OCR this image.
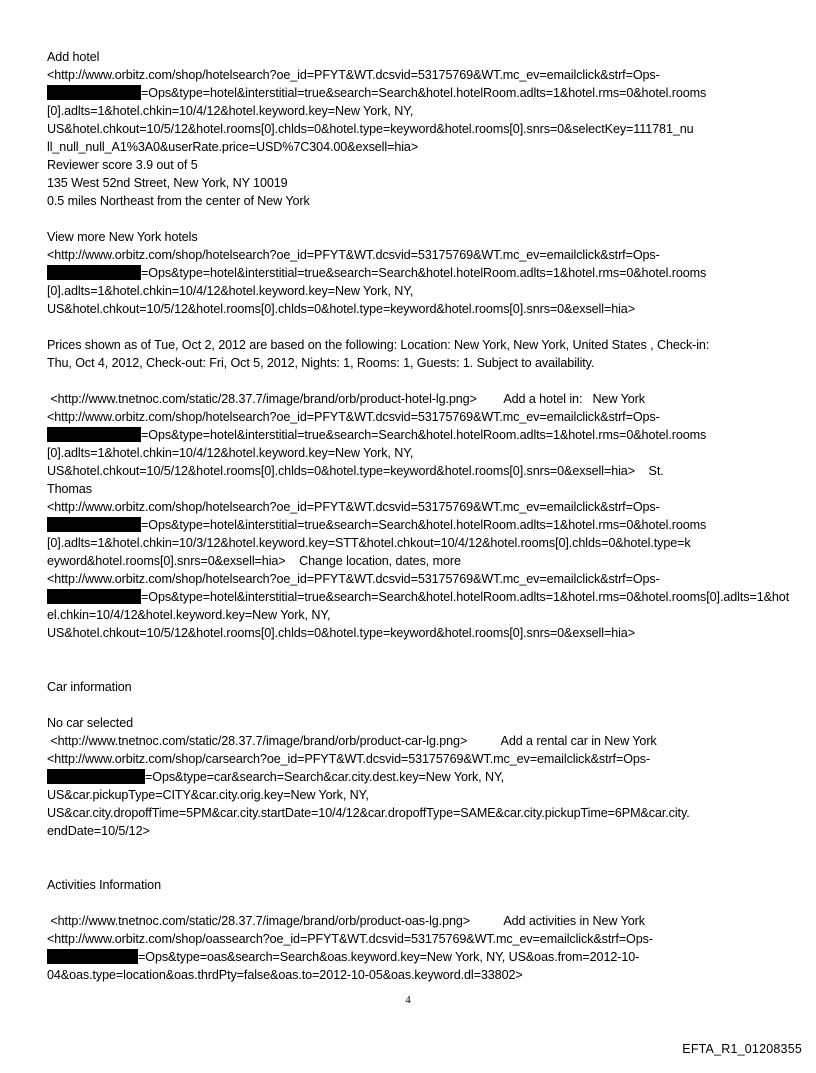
Add hotel
<http://www.orbitz.com/shop/hotelsearch?oe_id=PFYT&WT.dcsvid=53175769&WT.mc_ev=emailclick&strf=Ops-
=Ops&type=hotel&interstitial=true&search=Search&hotel.hotelRoom.adlts=1&hotel.rms=0&hotel.rooms
[0].adlts=1&hotel.chkin=10/4/12&hotel.keyword.key=New York, NY,
US&hotel.chkout=10/5/12&hotel.rooms[0].chlds=0&hotel.type=keyword&hotel.rooms[0].snrs=0&selectKey=111781_nu
ll_null_null_A1%3A0&userRate.price=USD%7C304.00&exsell=hia>
Reviewer score 3.9 out of 5
135 West 52nd Street, New York, NY 10019
0.5 miles Northeast from the center of New York
View more New York hotels
<http://www.orbitz.com/shop/hotelsearch?oe_id=PFYT&WT.dcsvid=53175769&WT.mc_ev=emailclick&strf=Ops-
=Ops&type=hotel&interstitial=true&search=Search&hotel.hotelRoom.adlts=1&hotel.rms=0&hotel.rooms
[0].adlts=1&hotel.chkin=10/4/12&hotel.keyword.key=New York, NY,
US&hotel.chkout=10/5/12&hotel.rooms[0].chlds=0&hotel.type=keyword&hotel.rooms[0].snrs=0&exsell=hia>
Prices shown as of Tue, Oct 2, 2012 are based on the following: Location: New York, New York, United States , Check-in:
Thu, Oct 4, 2012, Check-out: Fri, Oct 5, 2012, Nights: 1, Rooms: 1, Guests: 1. Subject to availability.
<http://www.tnetnoc.com/static/28.37.7/image/brand/orb/product-hotel-lg.png>        Add a hotel in:   New York
<http://www.orbitz.com/shop/hotelsearch?oe_id=PFYT&WT.dcsvid=53175769&WT.mc_ev=emailclick&strf=Ops-
=Ops&type=hotel&interstitial=true&search=Search&hotel.hotelRoom.adlts=1&hotel.rms=0&hotel.rooms
[0].adlts=1&hotel.chkin=10/4/12&hotel.keyword.key=New York, NY,
US&hotel.chkout=10/5/12&hotel.rooms[0].chlds=0&hotel.type=keyword&hotel.rooms[0].snrs=0&exsell=hia>    St.
Thomas
<http://www.orbitz.com/shop/hotelsearch?oe_id=PFYT&WT.dcsvid=53175769&WT.mc_ev=emailclick&strf=Ops-
=Ops&type=hotel&interstitial=true&search=Search&hotel.hotelRoom.adlts=1&hotel.rms=0&hotel.rooms
[0].adlts=1&hotel.chkin=10/3/12&hotel.keyword.key=STT&hotel.chkout=10/4/12&hotel.rooms[0].chlds=0&hotel.type=k
eyword&hotel.rooms[0].snrs=0&exsell=hia>    Change location, dates, more
<http://www.orbitz.com/shop/hotelsearch?oe_id=PFYT&WT.dcsvid=53175769&WT.mc_ev=emailclick&strf=Ops-
=Ops&type=hotel&interstitial=true&search=Search&hotel.hotelRoom.adlts=1&hotel.rms=0&hotel.rooms[0].adlts=1&hot
el.chkin=10/4/12&hotel.keyword.key=New York, NY,
US&hotel.chkout=10/5/12&hotel.rooms[0].chlds=0&hotel.type=keyword&hotel.rooms[0].snrs=0&exsell=hia>
Car information
No car selected
<http://www.tnetnoc.com/static/28.37.7/image/brand/orb/product-car-lg.png>          Add a rental car in New York
<http://www.orbitz.com/shop/carsearch?oe_id=PFYT&WT.dcsvid=53175769&WT.mc_ev=emailclick&strf=Ops-
=Ops&type=car&search=Search&car.city.dest.key=New York, NY,
US&car.pickupType=CITY&car.city.orig.key=New York, NY,
US&car.city.dropoffTime=5PM&car.city.startDate=10/4/12&car.dropoffType=SAME&car.city.pickupTime=6PM&car.city.
endDate=10/5/12>
Activities Information
<http://www.tnetnoc.com/static/28.37.7/image/brand/orb/product-oas-lg.png>          Add activities in New York
<http://www.orbitz.com/shop/oassearch?oe_id=PFYT&WT.dcsvid=53175769&WT.mc_ev=emailclick&strf=Ops-
=Ops&type=oas&search=Search&oas.keyword.key=New York, NY, US&oas.from=2012-10-
04&oas.type=location&oas.thrdPty=false&oas.to=2012-10-05&oas.keyword.dl=33802>
4
EFTA_R1_01208355
